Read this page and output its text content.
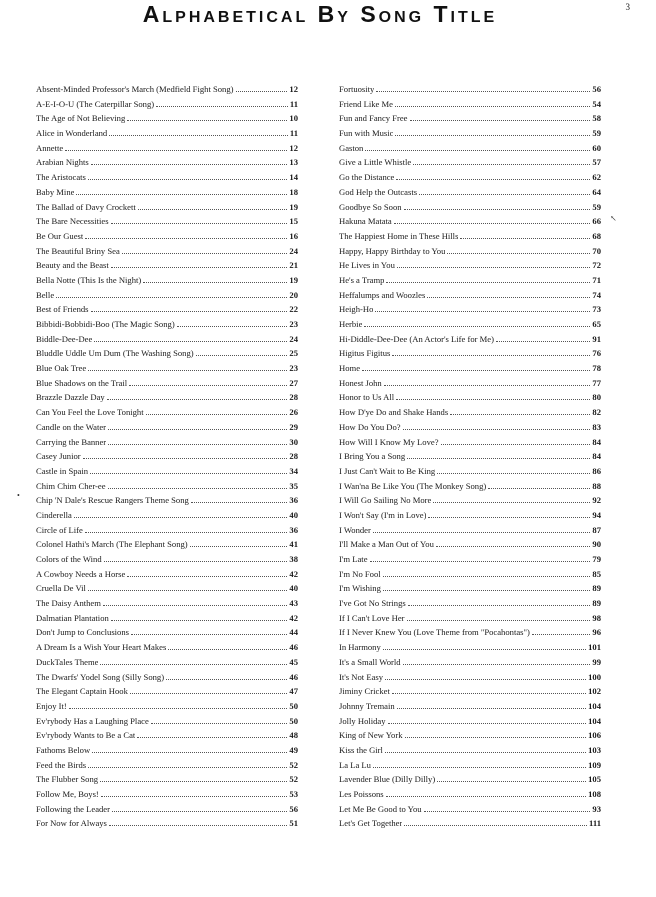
3
Alphabetical By Song Title
Absent-Minded Professor's March (Medfield Fight Song)	12
A-E-I-O-U (The Caterpillar Song)	11
The Age of Not Believing	10
Alice in Wonderland	11
Annette	12
Arabian Nights	13
The Aristocats	14
Baby Mine	18
The Ballad of Davy Crockett	19
The Bare Necessities	15
Be Our Guest	16
The Beautiful Briny Sea	24
Beauty and the Beast	21
Bella Notte (This Is the Night)	19
Belle	20
Best of Friends	22
Bibbidi-Bobbidi-Boo (The Magic Song)	23
Biddle-Dee-Dee	24
Bluddle Uddle Um Dum (The Washing Song)	25
Blue Oak Tree	23
Blue Shadows on the Trail	27
Brazzle Dazzle Day	28
Can You Feel the Love Tonight	26
Candle on the Water	29
Carrying the Banner	30
Casey Junior	28
Castle in Spain	34
Chim Chim Cher-ee	35
Chip 'N Dale's Rescue Rangers Theme Song	36
Cinderella	40
Circle of Life	36
Colonel Hathi's March (The Elephant Song)	41
Colors of the Wind	38
A Cowboy Needs a Horse	42
Cruella De Vil	40
The Daisy Anthem	43
Dalmatian Plantation	42
Don't Jump to Conclusions	44
A Dream Is a Wish Your Heart Makes	46
DuckTales Theme	45
The Dwarfs' Yodel Song (Silly Song)	46
The Elegant Captain Hook	47
Enjoy It!	50
Ev'rybody Has a Laughing Place	50
Ev'rybody Wants to Be a Cat	48
Fathoms Below	49
Feed the Birds	52
The Flubber Song	52
Follow Me, Boys!	53
Following the Leader	56
For Now for Always	51
Fortuosity	56
Friend Like Me	54
Fun and Fancy Free	58
Fun with Music	59
Gaston	60
Give a Little Whistle	57
Go the Distance	62
God Help the Outcasts	64
Goodbye So Soon	59
Hakuna Matata	66
The Happiest Home in These Hills	68
Happy, Happy Birthday to You	70
He Lives in You	72
He's a Tramp	71
Heffalumps and Woozles	74
Heigh-Ho	73
Herbie	65
Hi-Diddle-Dee-Dee (An Actor's Life for Me)	91
Higitus Figitus	76
Home	78
Honest John	77
Honor to Us All	80
How D'ye Do and Shake Hands	82
How Do You Do?	83
How Will I Know My Love?	84
I Bring You a Song	84
I Just Can't Wait to Be King	86
I Wan'na Be Like You (The Monkey Song)	88
I Will Go Sailing No More	92
I Won't Say (I'm in Love)	94
I Wonder	87
I'll Make a Man Out of You	90
I'm Late	79
I'm No Fool	85
I'm Wishing	89
I've Got No Strings	89
If I Can't Love Her	98
If I Never Knew You (Love Theme from "Pocahontas")	96
In Harmony	101
It's a Small World	99
It's Not Easy	100
Jiminy Cricket	102
Johnny Tremain	104
Jolly Holiday	104
King of New York	106
Kiss the Girl	103
La La Lu	109
Lavender Blue (Dilly Dilly)	105
Les Poissons	108
Let Me Be Good to You	93
Let's Get Together	111
•
↖
